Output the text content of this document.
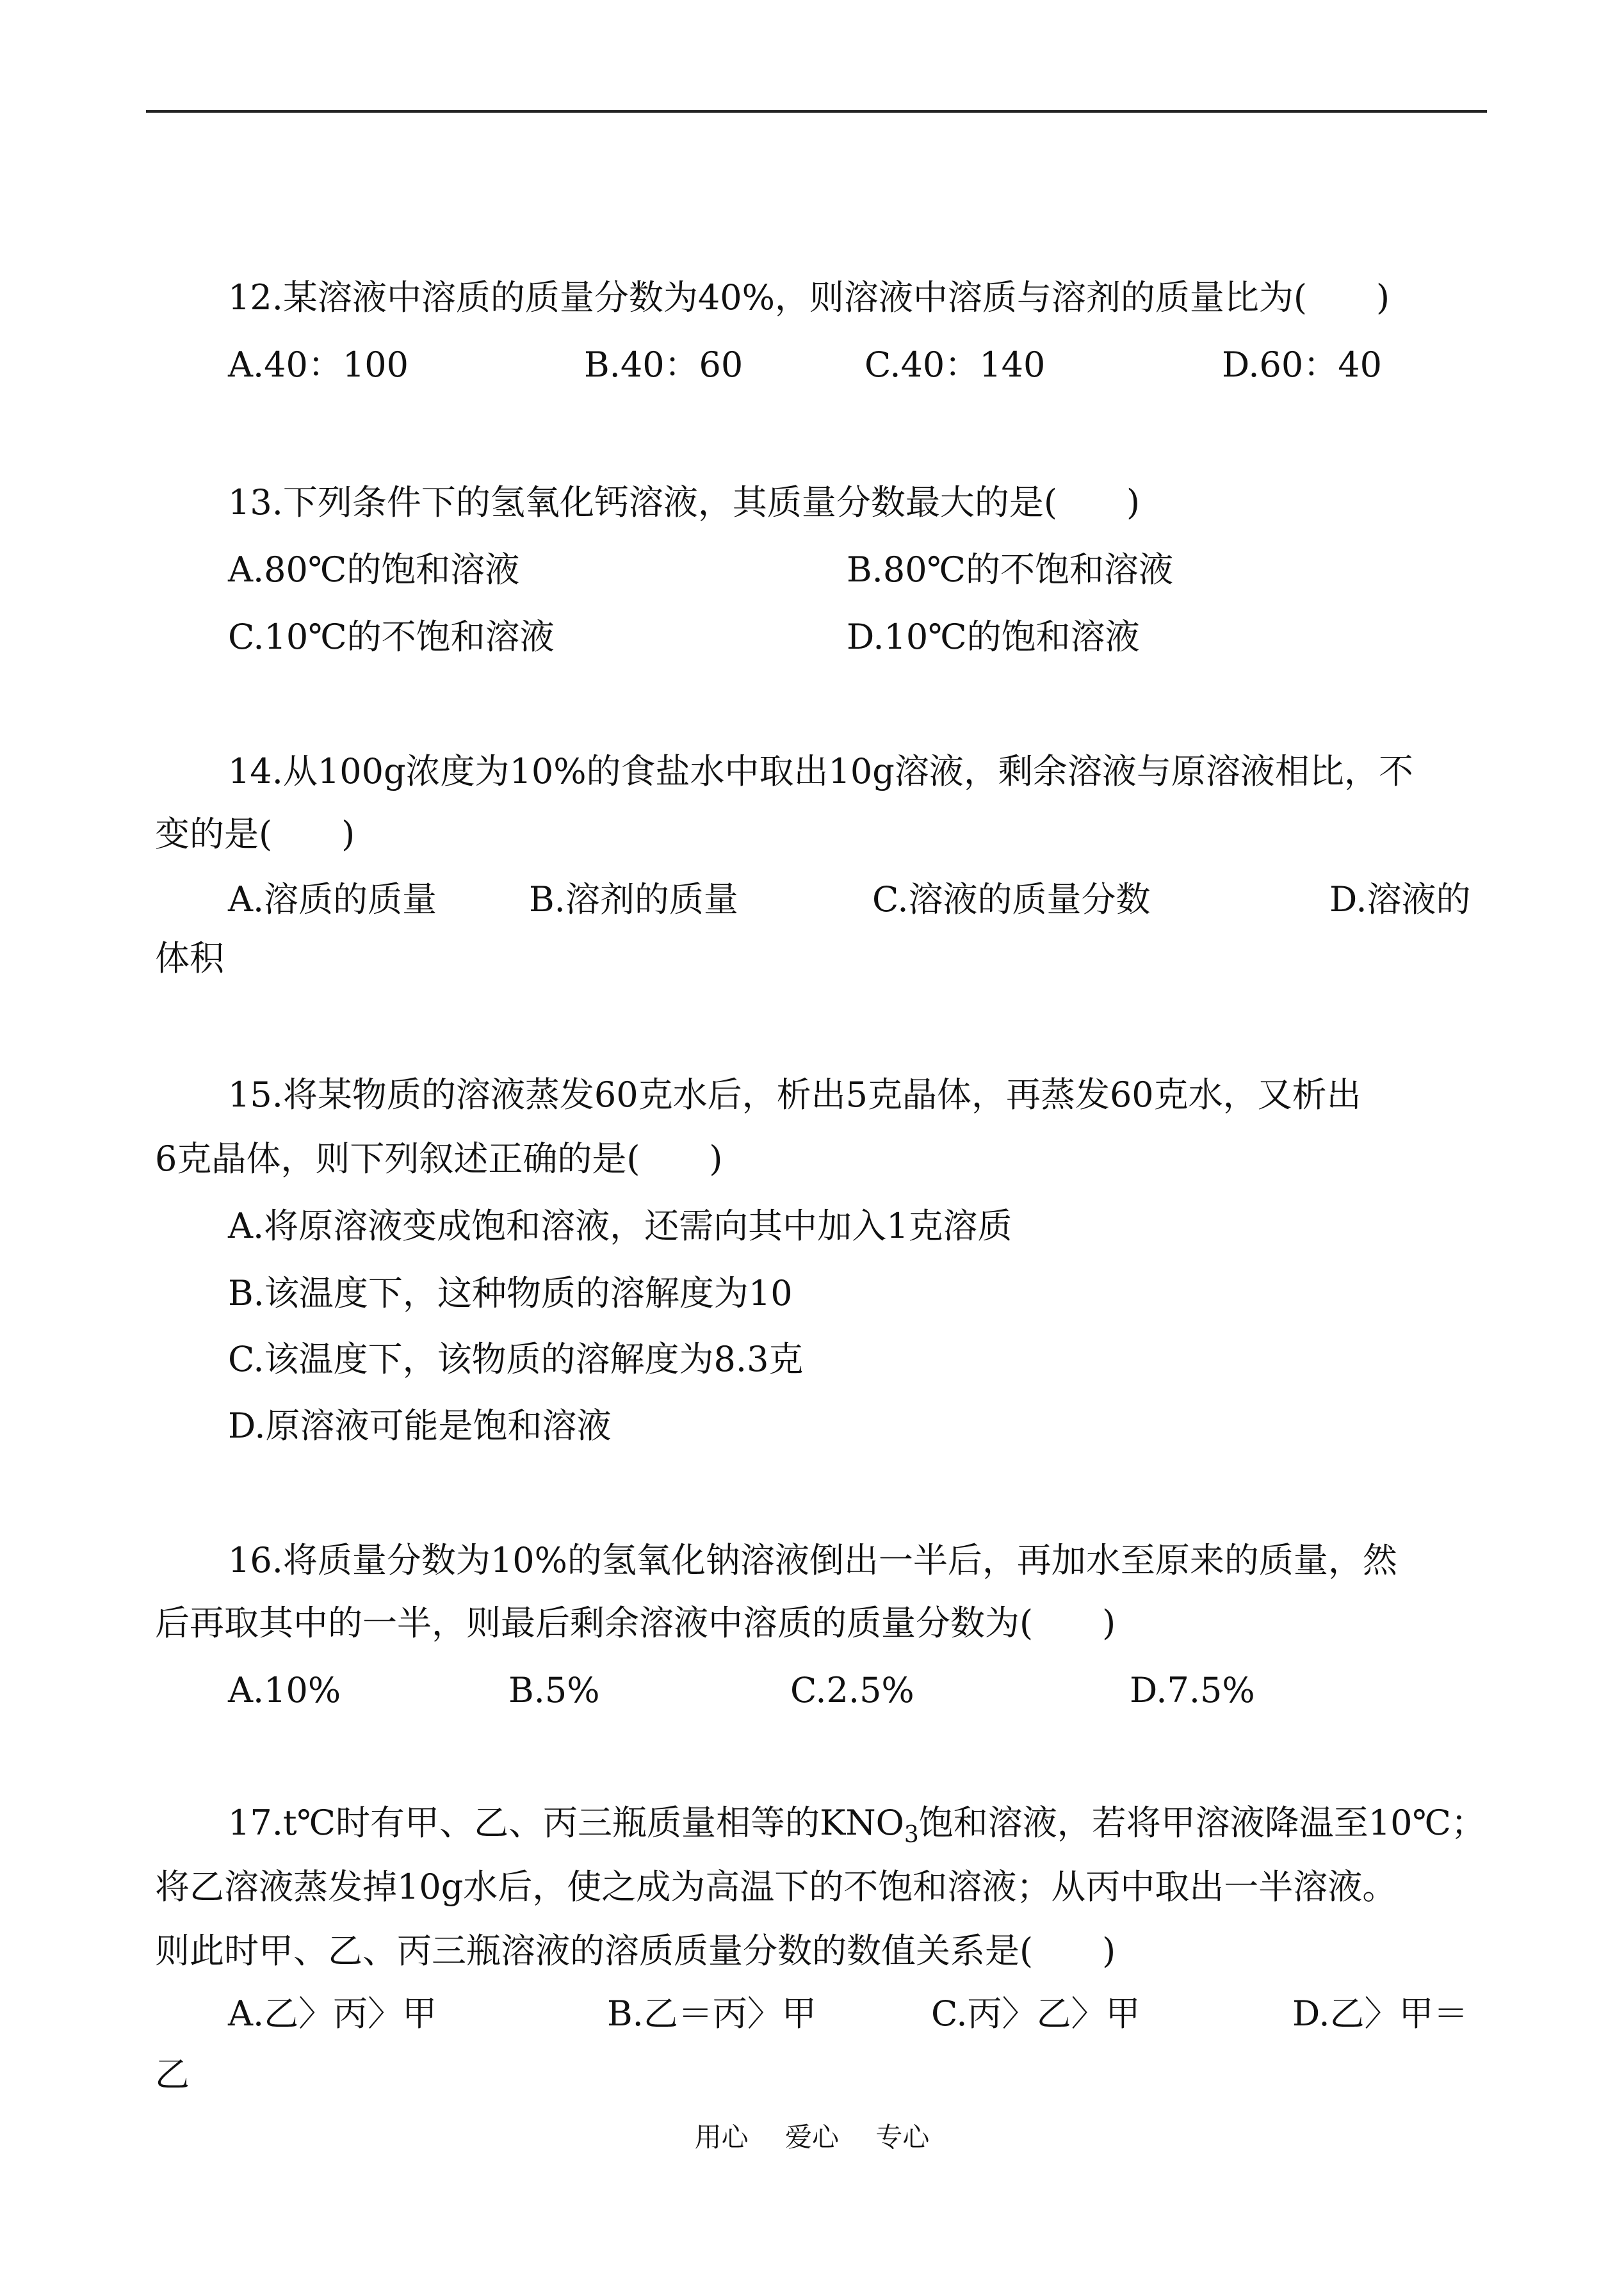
12.某溶液中溶质的质量分数为40%，则溶液中溶质与溶剂的质量比为(　　)
A.40：100	B.40：60	C.40：140	D.60：40
13.下列条件下的氢氧化钙溶液，其质量分数最大的是(　　)
A.80℃的饱和溶液	B.80℃的不饱和溶液
C.10℃的不饱和溶液	D.10℃的饱和溶液
14.从100g浓度为10%的食盐水中取出10g溶液，剩余溶液与原溶液相比，不
变的是(　　)
A.溶质的质量	B.溶剂的质量	C.溶液的质量分数	D.溶液的
体积
15.将某物质的溶液蒸发60克水后，析出5克晶体，再蒸发60克水，又析出
6克晶体，则下列叙述正确的是(　　)
A.将原溶液变成饱和溶液，还需向其中加入1克溶质
B.该温度下，这种物质的溶解度为10
C.该温度下，该物质的溶解度为8.3克
D.原溶液可能是饱和溶液
16.将质量分数为10%的氢氧化钠溶液倒出一半后，再加水至原来的质量，然
后再取其中的一半，则最后剩余溶液中溶质的质量分数为(　　)
A.10%	B.5%	C.2.5%	D.7.5%
17.t℃时有甲、乙、丙三瓶质量相等的$KNO_3$饱和溶液，若将甲溶液降温至10℃；
将乙溶液蒸发掉10g水后，使之成为高温下的不饱和溶液；从丙中取出一半溶液。
则此时甲、乙、丙三瓶溶液的溶质质量分数的数值关系是(　　)
A.乙〉丙〉甲	B.乙＝丙〉甲	C.丙〉乙〉甲	D.乙〉甲＝
乙
用心 爱心 专心
